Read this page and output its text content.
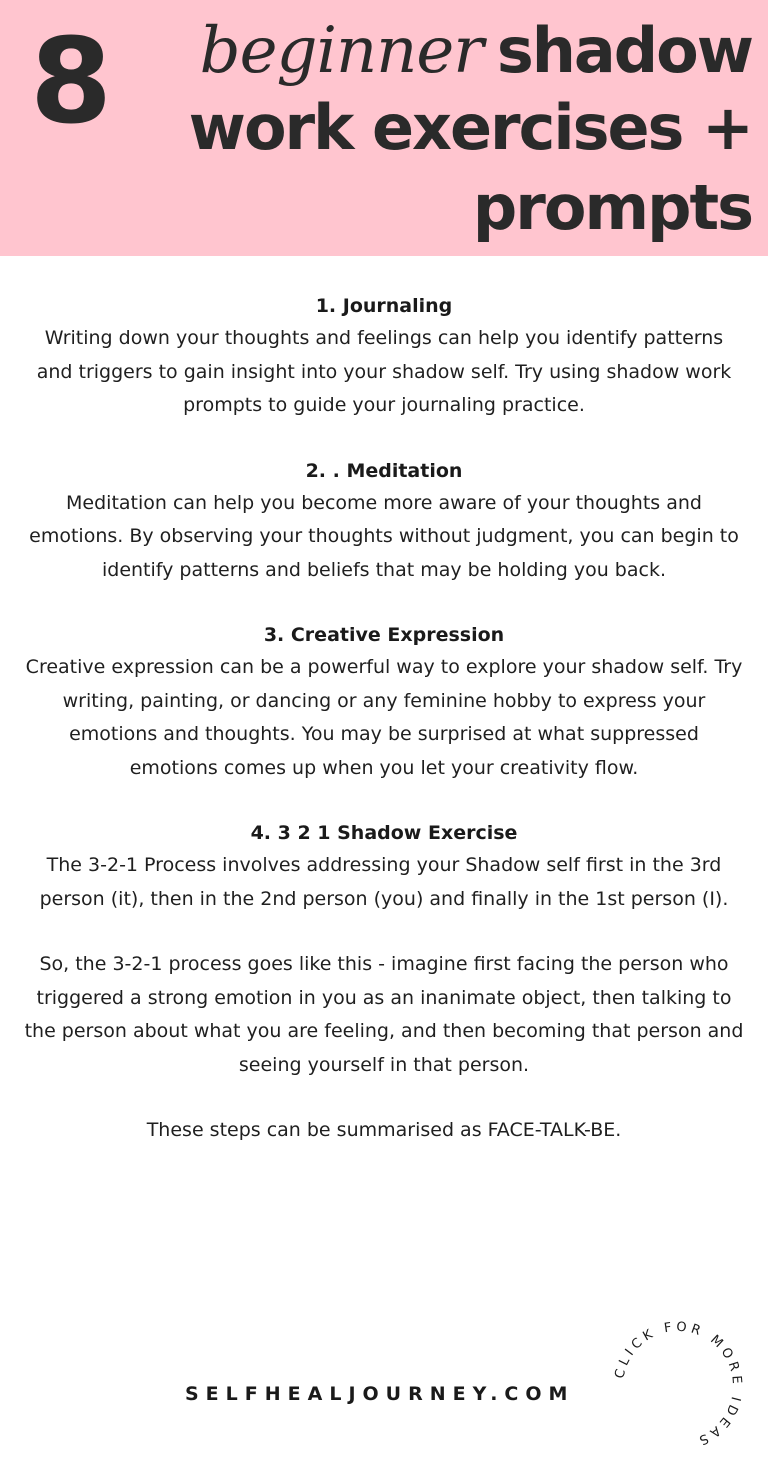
8 beginner shadow
work exercises +
prompts
1. Journaling

Writing down your thoughts and feelings can help you identify patterns and triggers to gain insight into your shadow self. Try using shadow work prompts to guide your journaling practice.

2. . Meditation

Meditation can help you become more aware of your thoughts and emotions. By observing your thoughts without judgment, you can begin to identify patterns and beliefs that may be holding you back.

3. Creative Expression

Creative expression can be a powerful way to explore your shadow self. Try writing, painting, or dancing or any feminine hobby to express your emotions and thoughts. You may be surprised at what suppressed emotions comes up when you let your creativity flow.

4. 3 2 1 Shadow Exercise

The 3-2-1 Process involves addressing your Shadow self first in the 3rd person (it), then in the 2nd person (you) and finally in the 1st person (I).

So, the 3-2-1 process goes like this - imagine first facing the person who triggered a strong emotion in you as an inanimate object, then talking to the person about what you are feeling, and then becoming that person and seeing yourself in that person.

These steps can be summarised as FACE-TALK-BE.

SELFHEALJOURNEY.COM
CLICK FOR MORE IDEAS
